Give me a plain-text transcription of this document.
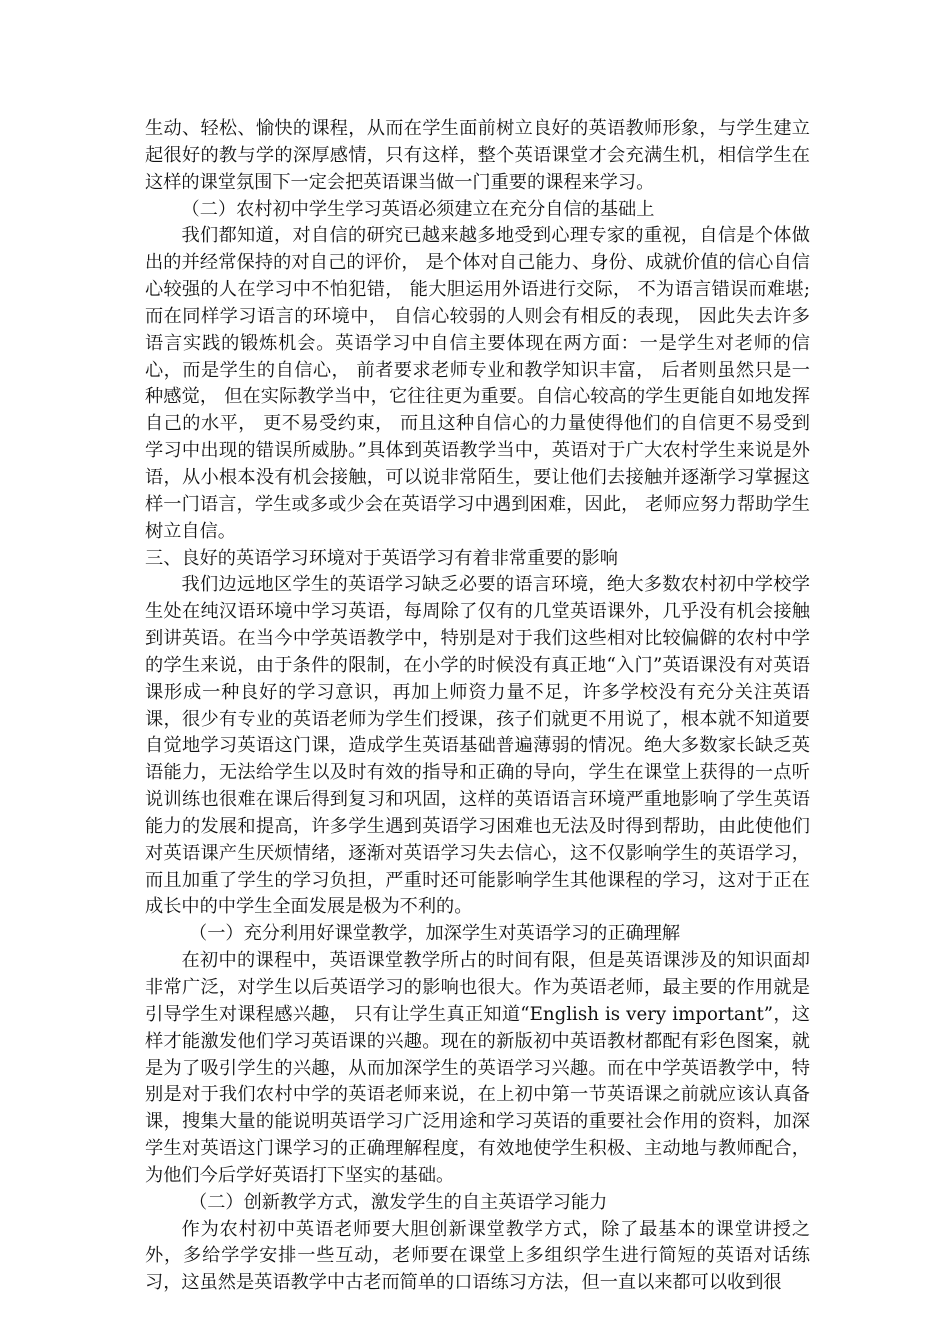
生动、轻松、愉快的课程，从而在学生面前树立良好的英语教师形象，与学生建立起很好的教与学的深厚感情，只有这样，整个英语课堂才会充满生机，相信学生在这样的课堂氛围下一定会把英语课当做一门重要的课程来学习。

（二）农村初中学生学习英语必须建立在充分自信的基础上

我们都知道，对自信的研究已越来越多地受到心理专家的重视，自信是个体做出的并经常保持的对自己的评价， 是个体对自己能力、身份、成就价值的信心自信心较强的人在学习中不怕犯错， 能大胆运用外语进行交际， 不为语言错误而难堪; 而在同样学习语言的环境中， 自信心较弱的人则会有相反的表现， 因此失去许多语言实践的锻炼机会。英语学习中自信主要体现在两方面：一是学生对老师的信心，而是学生的自信心， 前者要求老师专业和教学知识丰富， 后者则虽然只是一种感觉， 但在实际教学当中，它往往更为重要。自信心较高的学生更能自如地发挥自己的水平， 更不易受约束， 而且这种自信心的力量使得他们的自信更不易受到学习中出现的错误所威胁。”具体到英语教学当中，英语对于广大农村学生来说是外语，从小根本没有机会接触，可以说非常陌生，要让他们去接触并逐渐学习掌握这样一门语言，学生或多或少会在英语学习中遇到困难，因此， 老师应努力帮助学生树立自信。

三、良好的英语学习环境对于英语学习有着非常重要的影响

我们边远地区学生的英语学习缺乏必要的语言环境，绝大多数农村初中学校学生处在纯汉语环境中学习英语，每周除了仅有的几堂英语课外，几乎没有机会接触到讲英语。在当今中学英语教学中，特别是对于我们这些相对比较偏僻的农村中学的学生来说，由于条件的限制，在小学的时候没有真正地“入门”英语课没有对英语课形成一种良好的学习意识，再加上师资力量不足，许多学校没有充分关注英语课，很少有专业的英语老师为学生们授课，孩子们就更不用说了，根本就不知道要自觉地学习英语这门课，造成学生英语基础普遍薄弱的情况。绝大多数家长缺乏英语能力，无法给学生以及时有效的指导和正确的导向，学生在课堂上获得的一点听说训练也很难在课后得到复习和巩固，这样的英语语言环境严重地影响了学生英语能力的发展和提高，许多学生遇到英语学习困难也无法及时得到帮助，由此使他们对英语课产生厌烦情绪，逐渐对英语学习失去信心，这不仅影响学生的英语学习，而且加重了学生的学习负担，严重时还可能影响学生其他课程的学习，这对于正在成长中的中学生全面发展是极为不利的。

（一）充分利用好课堂教学，加深学生对英语学习的正确理解

在初中的课程中，英语课堂教学所占的时间有限，但是英语课涉及的知识面却非常广泛，对学生以后英语学习的影响也很大。作为英语老师，最主要的作用就是引导学生对课程感兴趣， 只有让学生真正知道“English is very important”，这样才能激发他们学习英语课的兴趣。现在的新版初中英语教材都配有彩色图案，就是为了吸引学生的兴趣，从而加深学生的英语学习兴趣。而在中学英语教学中，特别是对于我们农村中学的英语老师来说，在上初中第一节英语课之前就应该认真备课，搜集大量的能说明英语学习广泛用途和学习英语的重要社会作用的资料，加深学生对英语这门课学习的正确理解程度，有效地使学生积极、主动地与教师配合，为他们今后学好英语打下坚实的基础。

（二）创新教学方式，激发学生的自主英语学习能力

作为农村初中英语老师要大胆创新课堂教学方式，除了最基本的课堂讲授之外，多给学学安排一些互动，老师要在课堂上多组织学生进行简短的英语对话练习，这虽然是英语教学中古老而简单的口语练习方法，但一直以来都可以收到很
